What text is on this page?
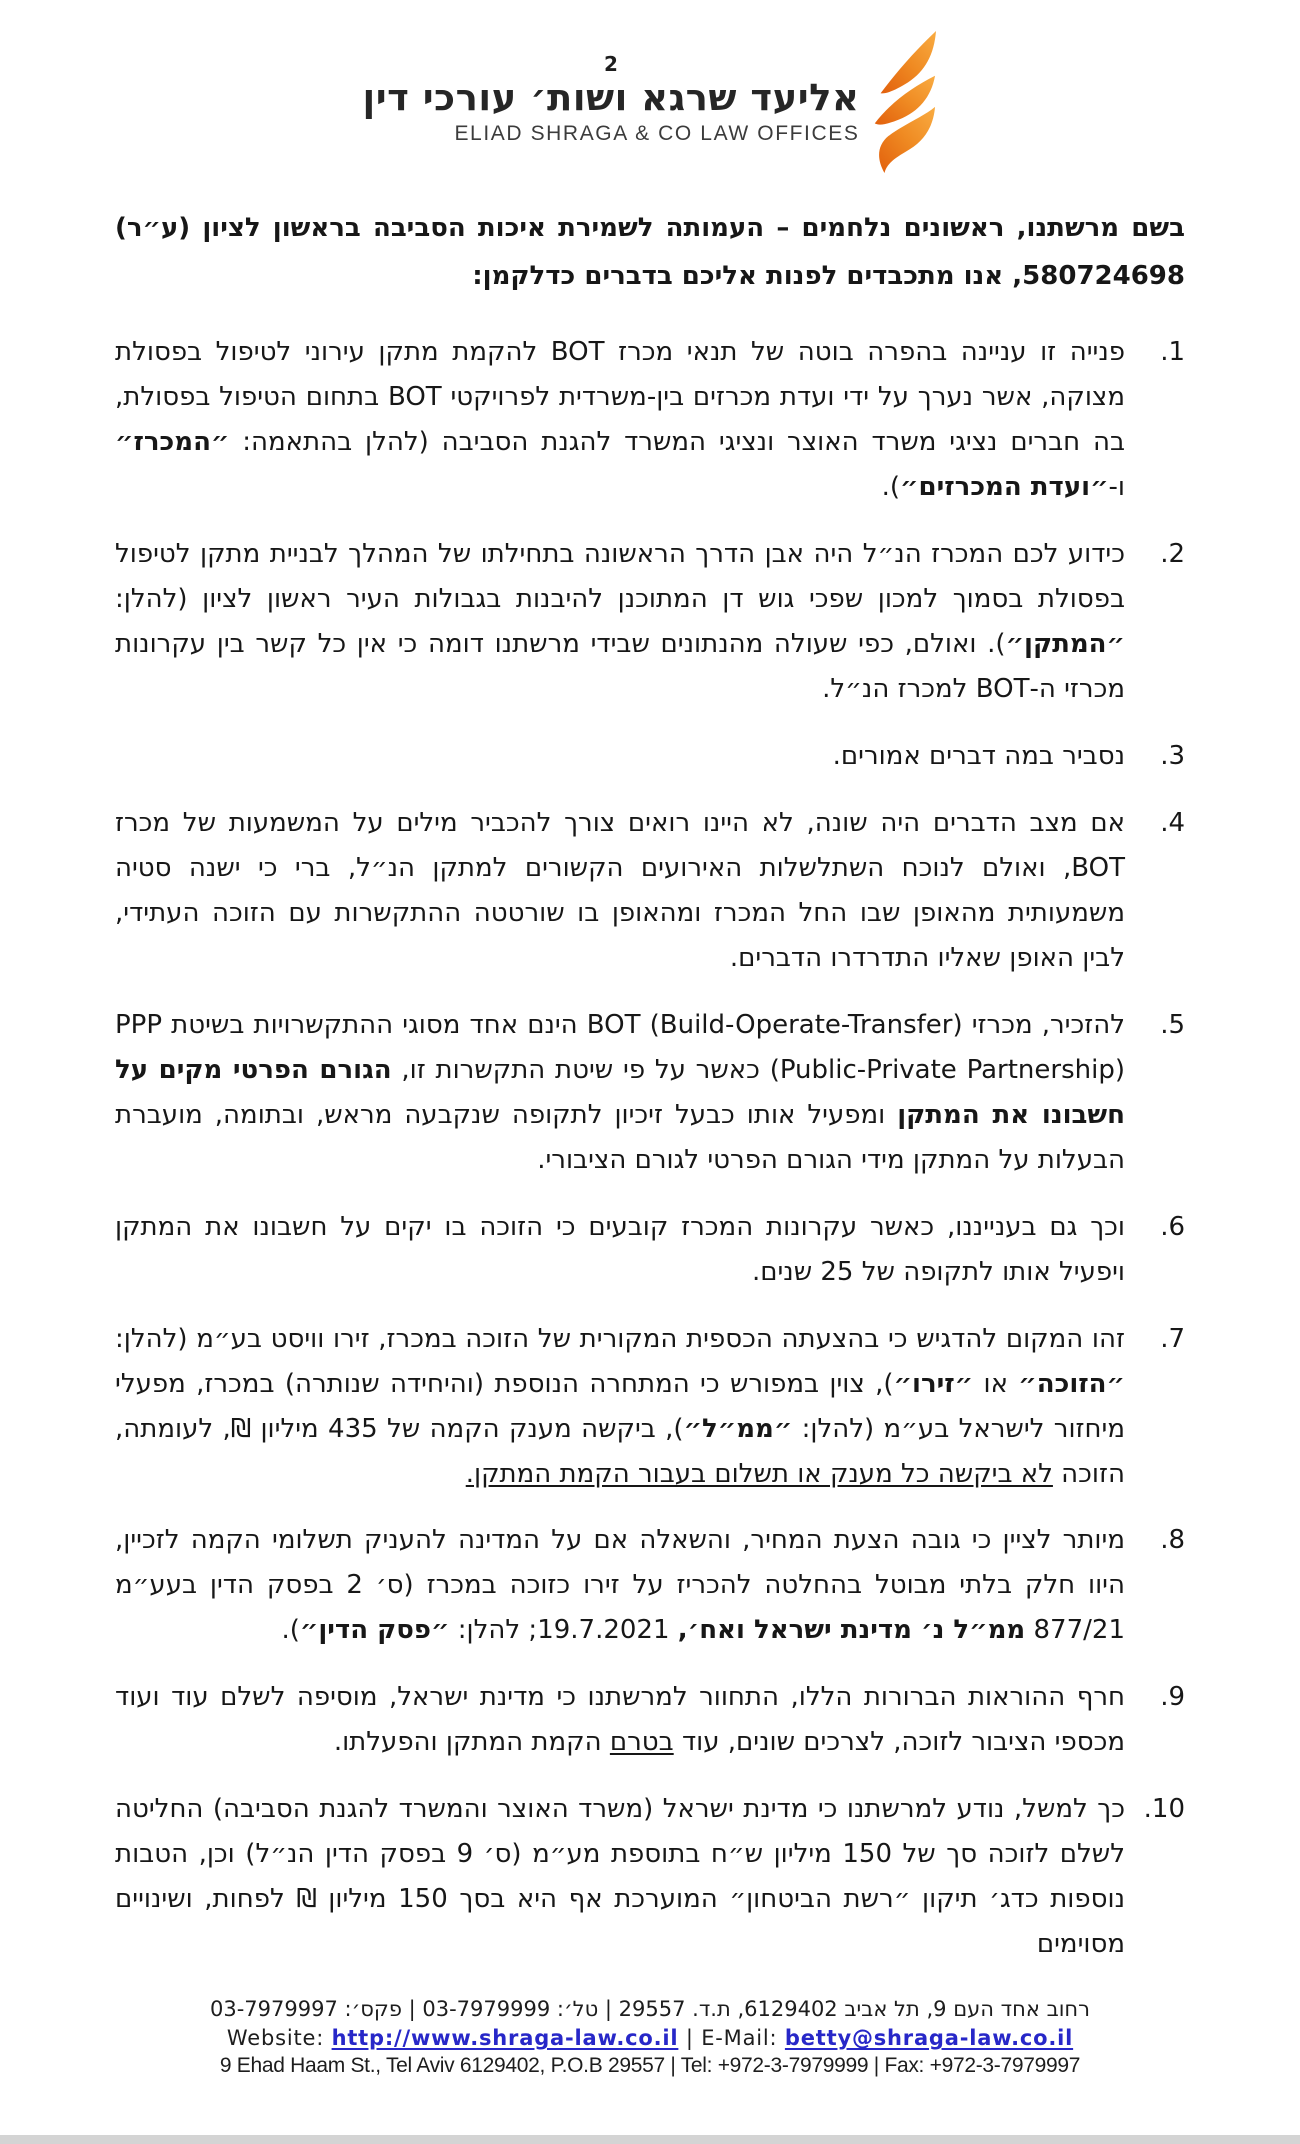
2
אליעד שרגא ושות׳ עורכי דין
ELIAD SHRAGA & CO LAW OFFICES

בשם מרשתנו, ראשונים נלחמים – העמותה לשמירת איכות הסביבה בראשון לציון (ע״ר) 580724698, אנו מתכבדים לפנות אליכם בדברים כדלקמן:

1.
פנייה זו עניינה בהפרה בוטה של תנאי מכרז BOT להקמת מתקן עירוני לטיפול בפסולת מצוקה, אשר נערך על ידי ועדת מכרזים בין-משרדית לפרויקטי BOT בתחום הטיפול בפסולת, בה חברים נציגי משרד האוצר ונציגי המשרד להגנת הסביבה (להלן בהתאמה: ״המכרז״ ו-״ועדת המכרזים״).
2.
כידוע לכם המכרז הנ״ל היה אבן הדרך הראשונה בתחילתו של המהלך לבניית מתקן לטיפול בפסולת בסמוך למכון שפכי גוש דן המתוכנן להיבנות בגבולות העיר ראשון לציון (להלן: ״המתקן״). ואולם, כפי שעולה מהנתונים שבידי מרשתנו דומה כי אין כל קשר בין עקרונות מכרזי ה-BOT למכרז הנ״ל.
3.
נסביר במה דברים אמורים.
4.
אם מצב הדברים היה שונה, לא היינו רואים צורך להכביר מילים על המשמעות של מכרז BOT, ואולם לנוכח השתלשלות האירועים הקשורים למתקן הנ״ל, ברי כי ישנה סטיה משמעותית מהאופן שבו החל המכרז ומהאופן בו שורטטה ההתקשרות עם הזוכה העתידי, לבין האופן שאליו התדרדרו הדברים.
5.
להזכיר, מכרזי BOT (Build-Operate-Transfer) הינם אחד מסוגי ההתקשרויות בשיטת PPP (Public-Private Partnership) כאשר על פי שיטת התקשרות זו, הגורם הפרטי מקים על חשבונו את המתקן ומפעיל אותו כבעל זיכיון לתקופה שנקבעה מראש, ובתומה, מועברת הבעלות על המתקן מידי הגורם הפרטי לגורם הציבורי.
6.
וכך גם בענייננו, כאשר עקרונות המכרז קובעים כי הזוכה בו יקים על חשבונו את המתקן ויפעיל אותו לתקופה של 25 שנים.
7.
זהו המקום להדגיש כי בהצעתה הכספית המקורית של הזוכה במכרז, זירו וויסט בע״מ (להלן: ״הזוכה״ או ״זירו״), צוין במפורש כי המתחרה הנוספת (והיחידה שנותרה) במכרז, מפעלי מיחזור לישראל בע״מ (להלן: ״ממ״ל״), ביקשה מענק הקמה של 435 מיליון ₪, לעומתה, הזוכה לא ביקשה כל מענק או תשלום בעבור הקמת המתקן.
8.
מיותר לציין כי גובה הצעת המחיר, והשאלה אם על המדינה להעניק תשלומי הקמה לזכיין, היוו חלק בלתי מבוטל בהחלטה להכריז על זירו כזוכה במכרז (ס׳ 2 בפסק הדין בעע״מ 877/21 ממ״ל נ׳ מדינת ישראל ואח׳, 19.7.2021; להלן: ״פסק הדין״).
9.
חרף ההוראות הברורות הללו, התחוור למרשתנו כי מדינת ישראל, מוסיפה לשלם עוד ועוד מכספי הציבור לזוכה, לצרכים שונים, עוד בטרם הקמת המתקן והפעלתו.
10.
כך למשל, נודע למרשתנו כי מדינת ישראל (משרד האוצר והמשרד להגנת הסביבה) החליטה לשלם לזוכה סך של 150 מיליון ש״ח בתוספת מע״מ (ס׳ 9 בפסק הדין הנ״ל) וכן, הטבות נוספות כדג׳ תיקון ״רשת הביטחון״ המוערכת אף היא בסך 150 מיליון ₪ לפחות, ושינויים מסוימים
רחוב אחד העם 9, תל אביב 6129402, ת.ד. 29557 | טל׳: 03-7979999 | פקס׳: 03-7979997
Website: http://www.shraga-law.co.il | E-Mail: betty@shraga-law.co.il
9 Ehad Haam St., Tel Aviv 6129402, P.O.B 29557 | Tel: +972-3-7979999 | Fax: +972-3-7979997
